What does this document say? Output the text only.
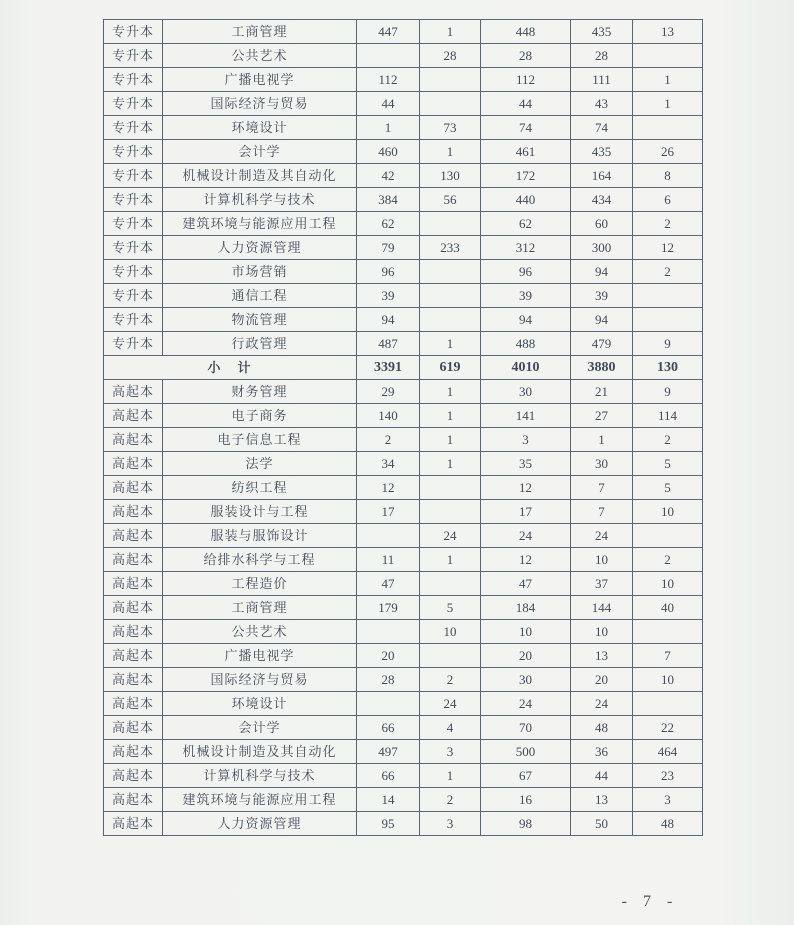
专升本	工商管理	447	1	448	435	13
专升本	公共艺术		28	28	28	
专升本	广播电视学	112		112	111	1
专升本	国际经济与贸易	44		44	43	1
专升本	环境设计	1	73	74	74	
专升本	会计学	460	1	461	435	26
专升本	机械设计制造及其自动化	42	130	172	164	8
专升本	计算机科学与技术	384	56	440	434	6
专升本	建筑环境与能源应用工程	62		62	60	2
专升本	人力资源管理	79	233	312	300	12
专升本	市场营销	96		96	94	2
专升本	通信工程	39		39	39	
专升本	物流管理	94		94	94	
专升本	行政管理	487	1	488	479	9
小　计		3391	619	4010	3880	130
高起本	财务管理	29	1	30	21	9
高起本	电子商务	140	1	141	27	114
高起本	电子信息工程	2	1	3	1	2
高起本	法学	34	1	35	30	5
高起本	纺织工程	12		12	7	5
高起本	服装设计与工程	17		17	7	10
高起本	服装与服饰设计		24	24	24	
高起本	给排水科学与工程	11	1	12	10	2
高起本	工程造价	47		47	37	10
高起本	工商管理	179	5	184	144	40
高起本	公共艺术		10	10	10	
高起本	广播电视学	20		20	13	7
高起本	国际经济与贸易	28	2	30	20	10
高起本	环境设计		24	24	24	
高起本	会计学	66	4	70	48	22
高起本	机械设计制造及其自动化	497	3	500	36	464
高起本	计算机科学与技术	66	1	67	44	23
高起本	建筑环境与能源应用工程	14	2	16	13	3
高起本	人力资源管理	95	3	98	50	48
- 7 -
